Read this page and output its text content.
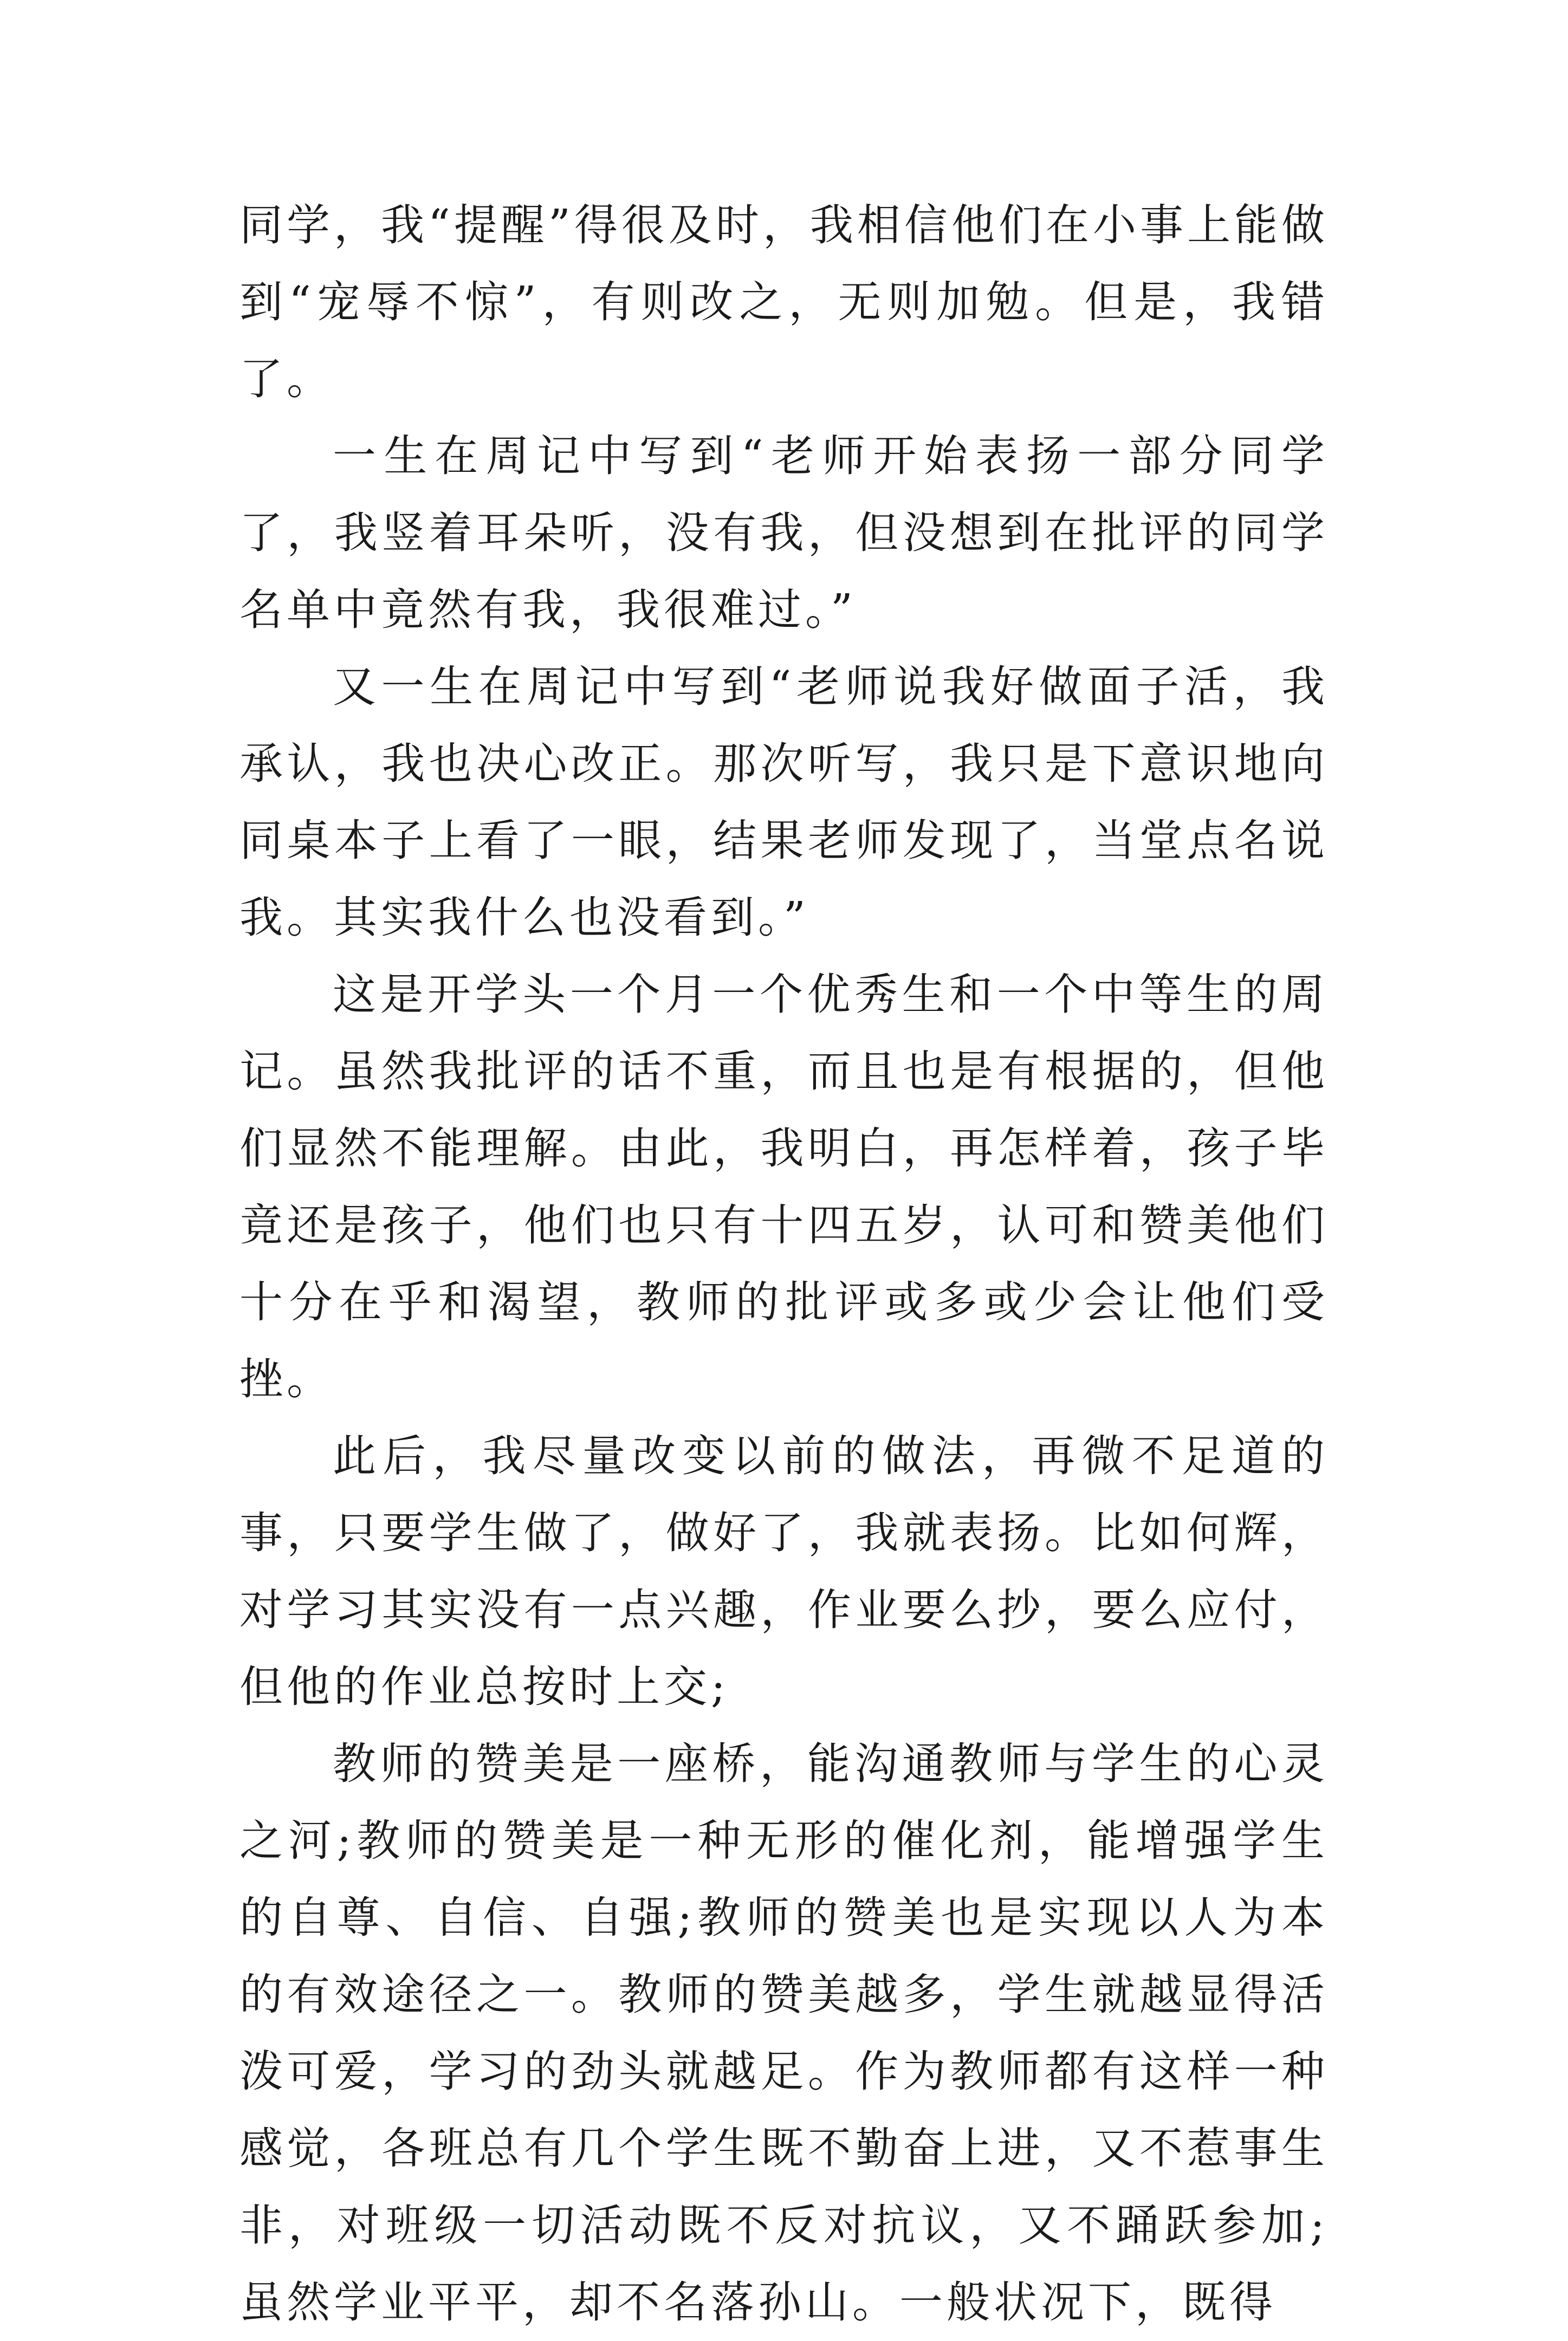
同学，我“提醒”得很及时，我相信他们在小事上能做到“宠辱不惊”，有则改之，无则加勉。但是，我错了。

一生在周记中写到“老师开始表扬一部分同学了，我竖着耳朵听，没有我，但没想到在批评的同学名单中竟然有我，我很难过。”

又一生在周记中写到“老师说我好做面子活，我承认，我也决心改正。那次听写，我只是下意识地向同桌本子上看了一眼，结果老师发现了，当堂点名说我。其实我什么也没看到。”

这是开学头一个月一个优秀生和一个中等生的周记。虽然我批评的话不重，而且也是有根据的，但他们显然不能理解。由此，我明白，再怎样着，孩子毕竟还是孩子，他们也只有十四五岁，认可和赞美他们十分在乎和渴望，教师的批评或多或少会让他们受挫。

此后，我尽量改变以前的做法，再微不足道的事，只要学生做了，做好了，我就表扬。比如何辉，对学习其实没有一点兴趣，作业要么抄，要么应付，但他的作业总按时上交;

教师的赞美是一座桥，能沟通教师与学生的心灵之河;教师的赞美是一种无形的催化剂，能增强学生的自尊、自信、自强;教师的赞美也是实现以人为本的有效途径之一。教师的赞美越多，学生就越显得活泼可爱，学习的劲头就越足。作为教师都有这样一种感觉，各班总有几个学生既不勤奋上进，又不惹事生非，对班级一切活动既不反对抗议，又不踊跃参加;虽然学业平平，却不名落孙山。一般状况下，既得
